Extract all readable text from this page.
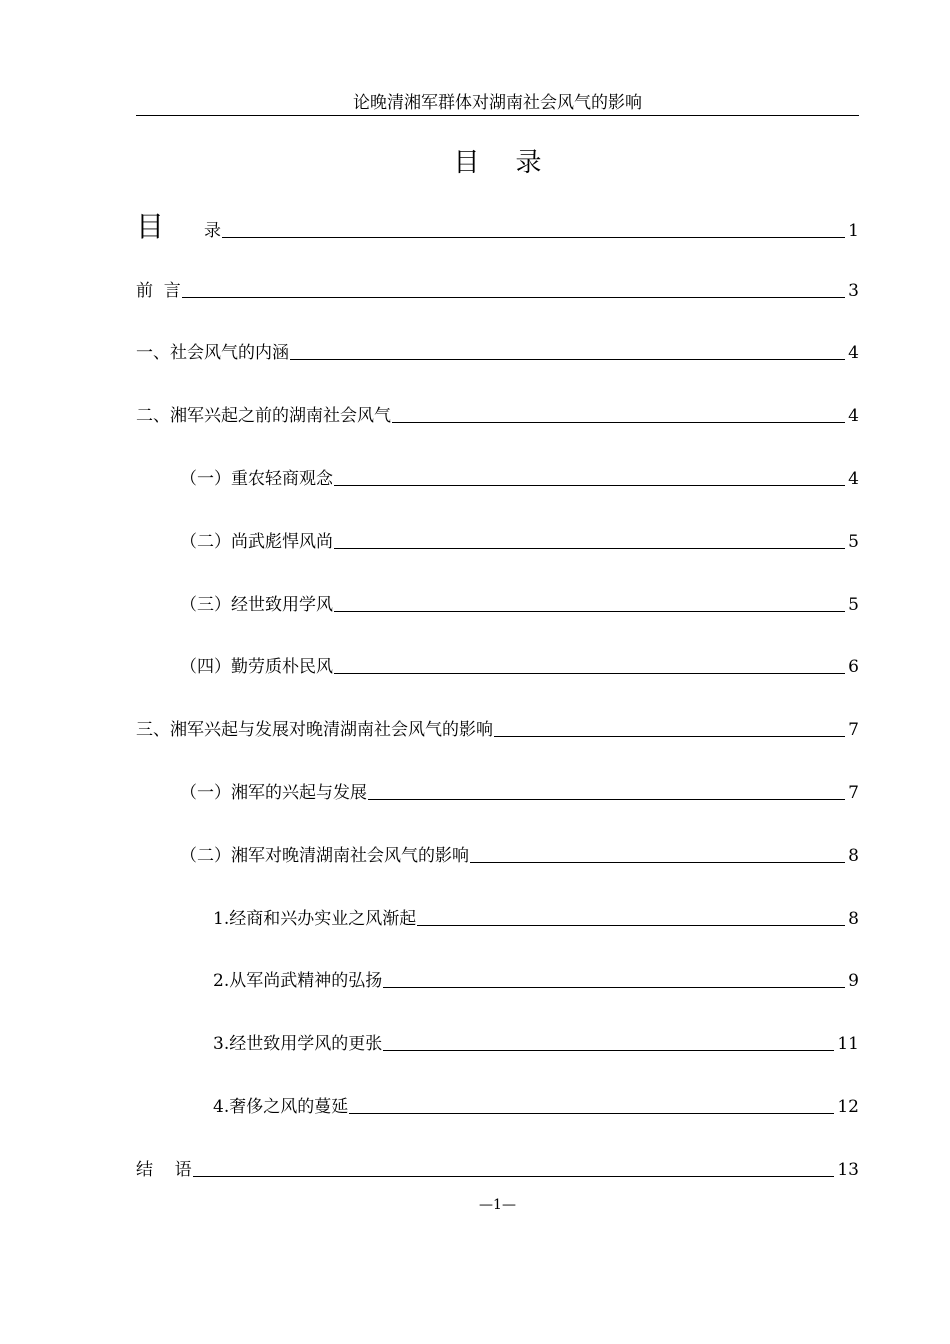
论晚清湘军群体对湖南社会风气的影响
目录
目 录	1
前  言	3
一、社会风气的内涵	4
二、湘军兴起之前的湖南社会风气	4
（一）重农轻商观念	4
（二）尚武彪悍风尚	5
（三）经世致用学风	5
（四）勤劳质朴民风	6
三、湘军兴起与发展对晚清湖南社会风气的影响	7
（一）湘军的兴起与发展	7
（二）湘军对晚清湖南社会风气的影响	8
1.经商和兴办实业之风渐起	8
2.从军尚武精神的弘扬	9
3.经世致用学风的更张	11
4.奢侈之风的蔓延	12
结    语	13
—1—
